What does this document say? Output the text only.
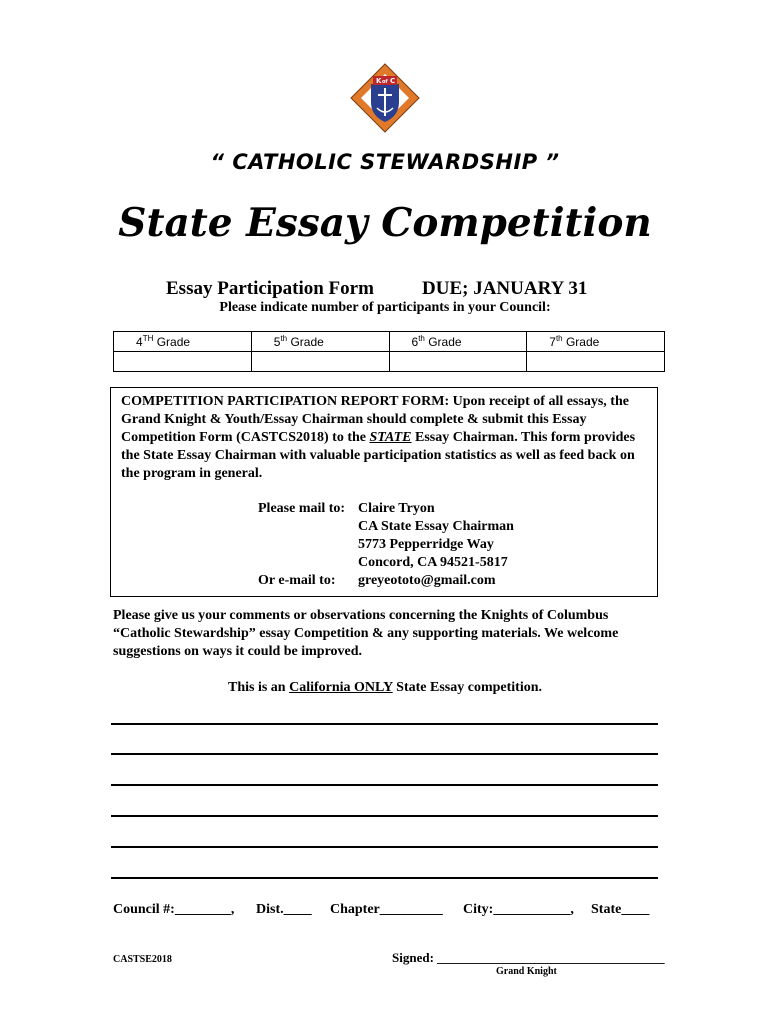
K of C
“ CATHOLIC STEWARDSHIP ”
State Essay Competition
Essay Participation Form	DUE; JANUARY 31
Please indicate number of participants in your Council:
4TH Grade	5th Grade	6th Grade	7th Grade

COMPETITION PARTICIPATION REPORT FORM: Upon receipt of all essays, the Grand Knight & Youth/Essay Chairman should complete & submit this Essay Competition Form (CASTCS2018) to the STATE Essay Chairman. This form provides the State Essay Chairman with valuable participation statistics as well as feed back on the program in general.
Please mail to: Claire Tryon
CA State Essay Chairman
5773 Pepperridge Way
Concord, CA 94521-5817
Or e-mail to: greyeototo@gmail.com
Please give us your comments or observations concerning the Knights of Columbus “Catholic Stewardship” essay Competition & any supporting materials. We welcome suggestions on ways it could be improved.
This is an California ONLY State Essay competition.
Council #:________, Dist.____ Chapter_________ City:___________, State____
CASTSE2018	Signed: ___________________________________
Grand Knight
